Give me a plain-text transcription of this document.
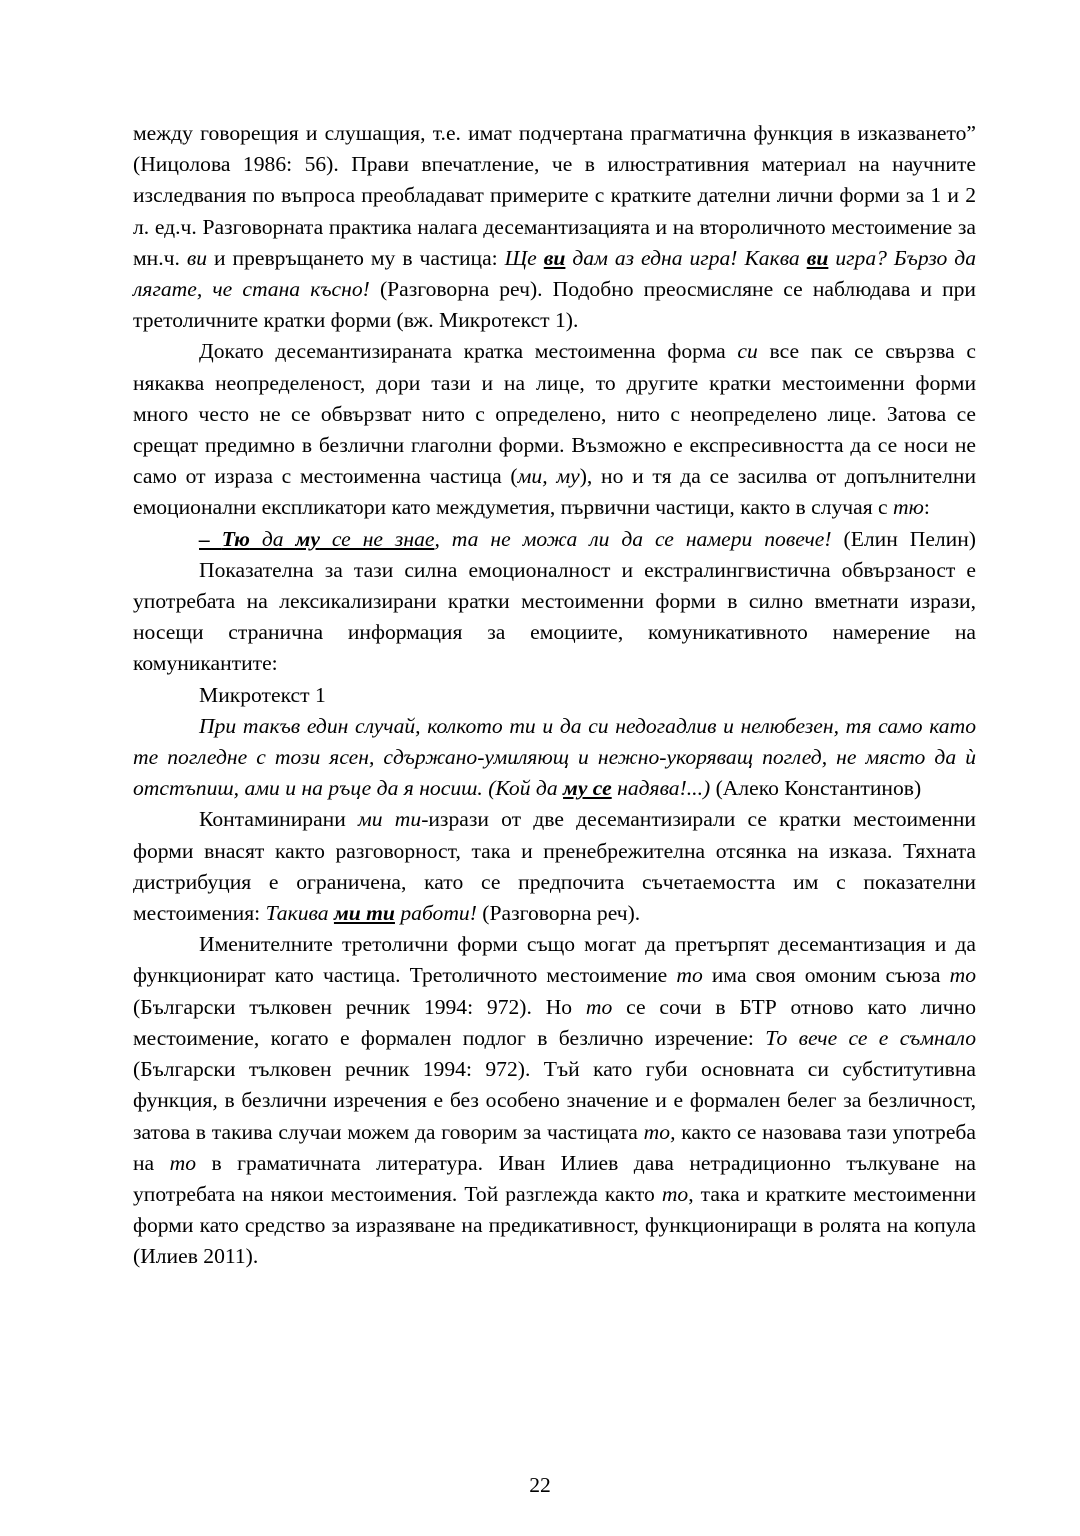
между говорещия и слушащия, т.е. имат подчертана прагматична функция в изказването” (Ницолова 1986: 56). Прави впечатление, че в илюстративния материал на научните изследвания по въпроса преобладават примерите с кратките дателни лични форми за 1 и 2 л. ед.ч. Разговорната практика налага десемантизацията и на второличното местоимение за мн.ч. ви и превръщането му в частица: Ще ви дам аз една игра! Каква ви игра? Бързо да лягате, че стана късно! (Разговорна реч). Подобно преосмисляне се наблюдава и при третоличните кратки форми (вж. Микротекст 1).

Докато десемантизираната кратка местоименна форма си все пак се свързва с някаква неопределеност, дори тази и на лице, то другите кратки местоименни форми много често не се обвързват нито с определено, нито с неопределено лице. Затова се срещат предимно в безлични глаголни форми. Възможно е експресивността да се носи не само от израза с местоименна частица (ми, му), но и тя да се засилва от допълнителни емоционални експликатори като междуметия, първични частици, както в случая с тю:

– Тю да му се не знае, та не можа ли да се намери повече! (Елин Пелин)

Показателна за тази силна емоционалност и екстралингвистична обвързаност е употребата на лексикализирани кратки местоименни форми в силно вметнати изрази, носещи странична информация за емоциите, комуникативното намерение на комуникантите:

Микротекст 1

При такъв един случай, колкото ти и да си недогадлив и нелюбезен, тя само като те погледне с този ясен, сдържано-умиляющ и нежно-укоряващ поглед, не място да ѝ отстъпиш, ами и на ръце да я носиш. (Кой да му се надява!...) (Алеко Константинов)

Контаминирани ми ти-изрази от две десемантизирали се кратки местоименни форми внасят както разговорност, така и пренебрежителна отсянка на изказа. Тяхната дистрибуция е ограничена, като се предпочита съчетаемостта им с показателни местоимения: Такива ми ти работи! (Разговорна реч).

Именителните третолични форми също могат да претърпят десемантизация и да функционират като частица. Третоличното местоимение то има своя омоним съюза то (Български тълковен речник 1994: 972). Но то се сочи в БТР отново като лично местоимение, когато е формален подлог в безлично изречение: То вече се е съмнало (Български тълковен речник 1994: 972). Тъй като губи основната си субститутивна функция, в безлични изречения е без особено значение и е формален белег за безличност, затова в такива случаи можем да говорим за частицата то, както се назовава тази употреба на то в граматичната литература. Иван Илиев дава нетрадиционно тълкуване на употребата на някои местоимения. Той разглежда както то, така и кратките местоименни форми като средство за изразяване на предикативност, функциониращи в ролята на копула (Илиев 2011).

22
